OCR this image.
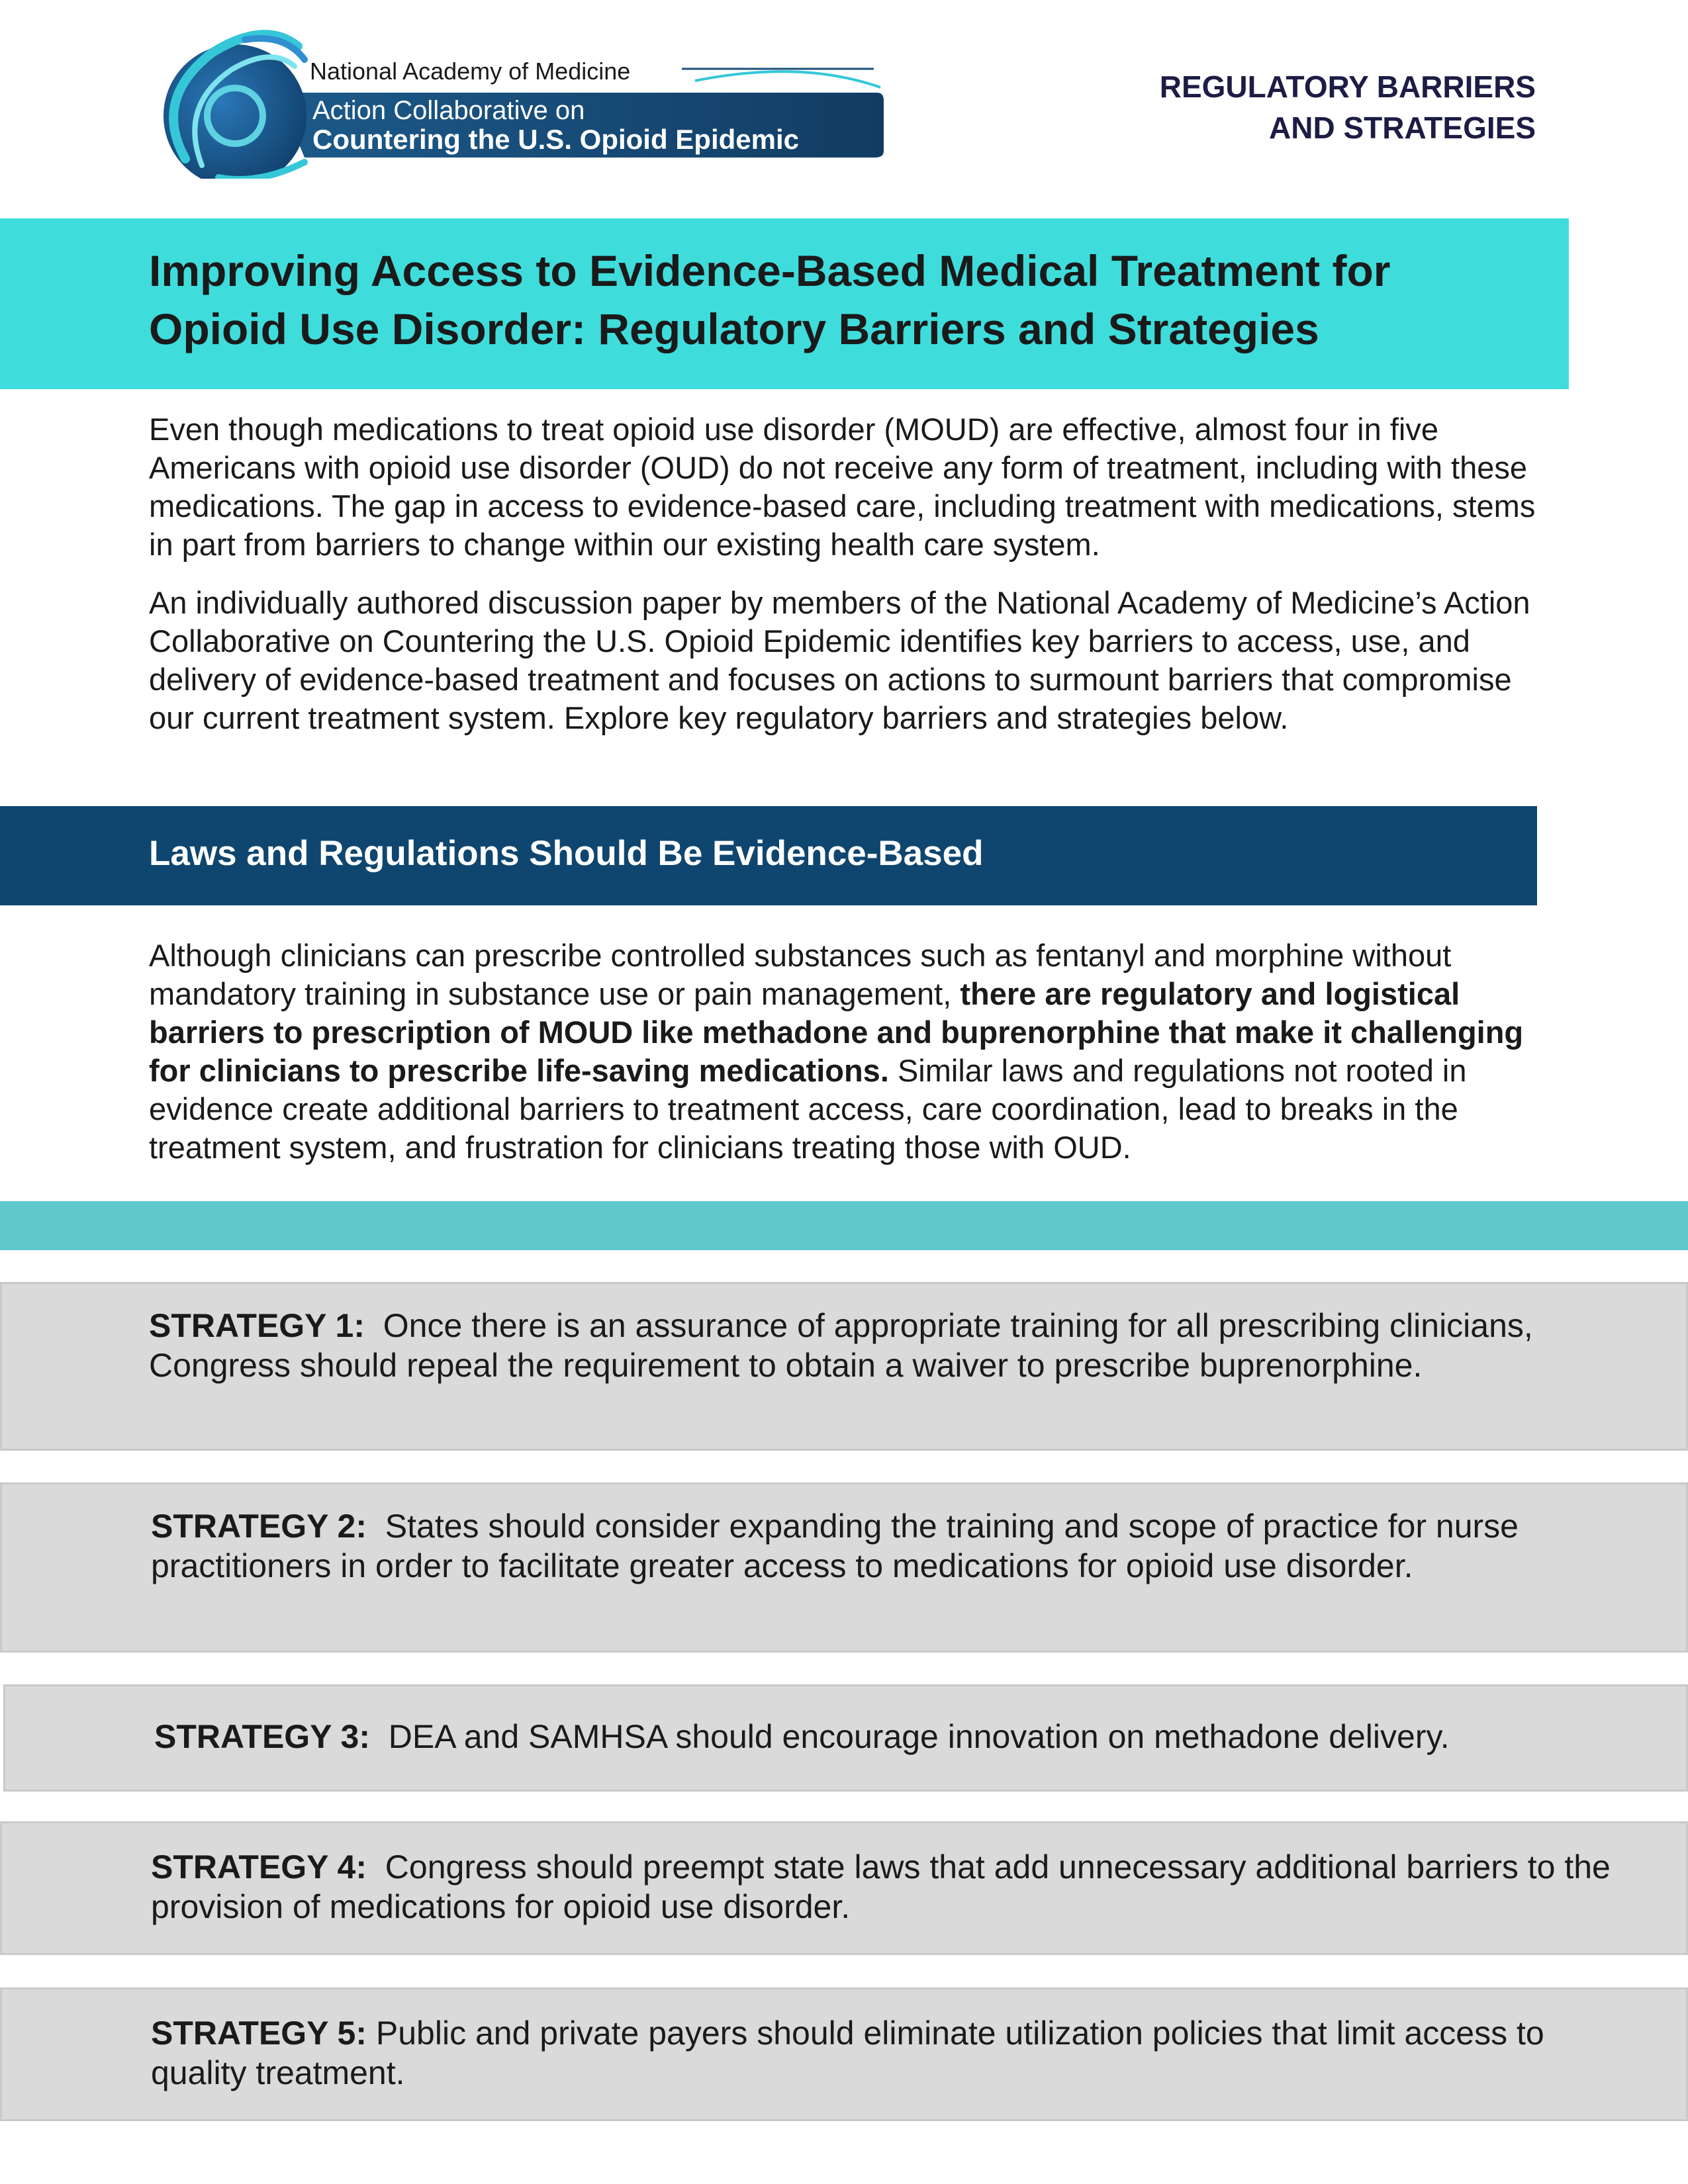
National Academy of Medicine
Action Collaborative on
Countering the U.S. Opioid Epidemic
REGULATORY BARRIERS
AND STRATEGIES
Improving Access to Evidence-Based Medical Treatment for
Opioid Use Disorder: Regulatory Barriers and Strategies
Even though medications to treat opioid use disorder (MOUD) are effective, almost four in five Americans with opioid use disorder (OUD) do not receive any form of treatment, including with these medications. The gap in access to evidence-based care, including treatment with medications, stems in part from barriers to change within our existing health care system.
An individually authored discussion paper by members of the National Academy of Medicine’s Action Collaborative on Countering the U.S. Opioid Epidemic identifies key barriers to access, use, and delivery of evidence-based treatment and focuses on actions to surmount barriers that compromise our current treatment system. Explore key regulatory barriers and strategies below.
Laws and Regulations Should Be Evidence-Based
Although clinicians can prescribe controlled substances such as fentanyl and morphine without mandatory training in substance use or pain management, there are regulatory and logistical barriers to prescription of MOUD like methadone and buprenorphine that make it challenging for clinicians to prescribe life-saving medications. Similar laws and regulations not rooted in evidence create additional barriers to treatment access, care coordination, lead to breaks in the treatment system, and frustration for clinicians treating those with OUD.
STRATEGY 1: Once there is an assurance of appropriate training for all prescribing clinicians, Congress should repeal the requirement to obtain a waiver to prescribe buprenorphine.
STRATEGY 2: States should consider expanding the training and scope of practice for nurse practitioners in order to facilitate greater access to medications for opioid use disorder.
STRATEGY 3: DEA and SAMHSA should encourage innovation on methadone delivery.
STRATEGY 4: Congress should preempt state laws that add unnecessary additional barriers to the provision of medications for opioid use disorder.
STRATEGY 5: Public and private payers should eliminate utilization policies that limit access to quality treatment.
